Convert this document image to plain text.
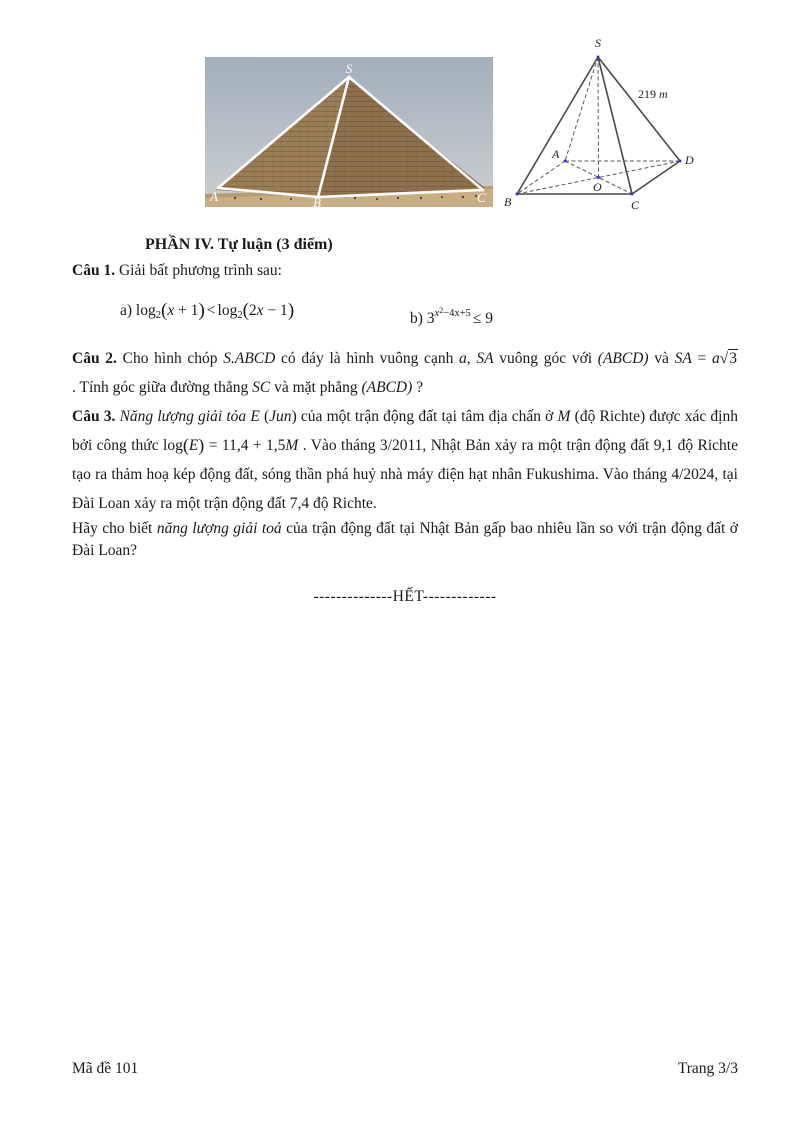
S
A	B	C
S
A
B	C
D
O
219 m
PHẦN IV. Tự luận (3 điểm)
Câu 1. Giải bất phương trình sau:
a) log2(x + 1) < log2(2x − 1)	b) $3^{x^2-4x+5} \le 9$
Câu 2. Cho hình chóp S.ABCD có đáy là hình vuông cạnh a, SA vuông góc với (ABCD) và SA = a√3
. Tính góc giữa đường thẳng SC và mặt phẳng (ABCD) ?
Câu 3. Năng lượng giải tỏa E (Jun) của một trận động đất tại tâm địa chấn ở M (độ Richte) được xác định
bởi công thức log(E) = 11,4 + 1,5M . Vào tháng 3/2011, Nhật Bản xảy ra một trận động đất 9,1 độ Richte
tạo ra thảm hoạ kép động đất, sóng thần phá huỷ nhà máy điện hạt nhân Fukushima. Vào tháng 4/2024, tại
Đài Loan xảy ra một trận động đất 7,4 độ Richte.
Hãy cho biết năng lượng giải toả của trận động đất tại Nhật Bản gấp bao nhiêu lần so với trận động đất ở
Đài Loan?
--------------HẾT-------------
Mã đề 101	Trang 3/3
